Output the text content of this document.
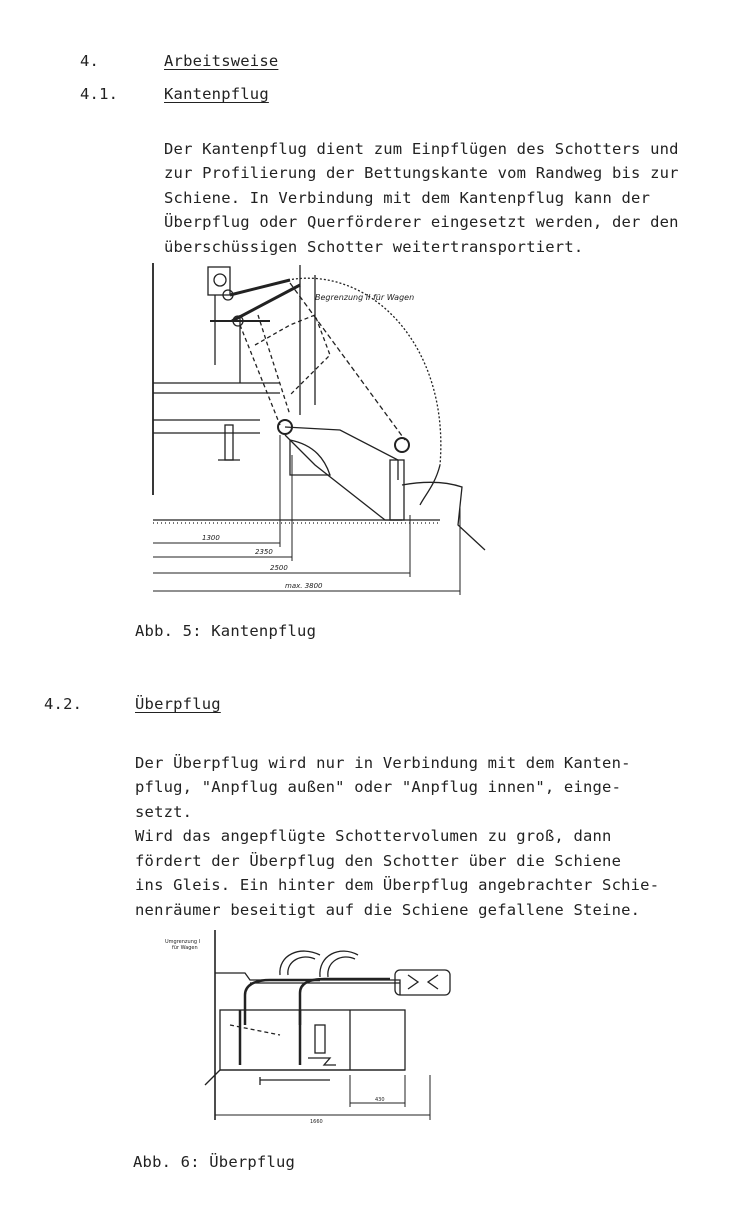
4.	Arbeitsweise
4.1.	Kantenpflug

Der Kantenpflug dient zum Einpflügen des Schotters und
zur Profilierung der Bettungskante vom Randweg bis zur
Schiene. In Verbindung mit dem Kantenpflug kann der
Überpflug oder Querförderer eingesetzt werden, der den
überschüssigen Schotter weitertransportiert.
Begrenzung II für Wagen
1300
2350
2500
max. 3800
Abb. 5: Kantenpflug
4.2.	Überpflug

Der Überpflug wird nur in Verbindung mit dem Kanten-
pflug, "Anpflug außen" oder "Anpflug innen", einge-
setzt.
Wird das angepflügte Schottervolumen zu groß, dann
fördert der Überpflug den Schotter über die Schiene
ins Gleis. Ein hinter dem Überpflug angebrachter Schie-
nenräumer beseitigt auf die Schiene gefallene Steine.
Umgrenzung I
für Wagen
430
1660
Abb. 6: Überpflug
